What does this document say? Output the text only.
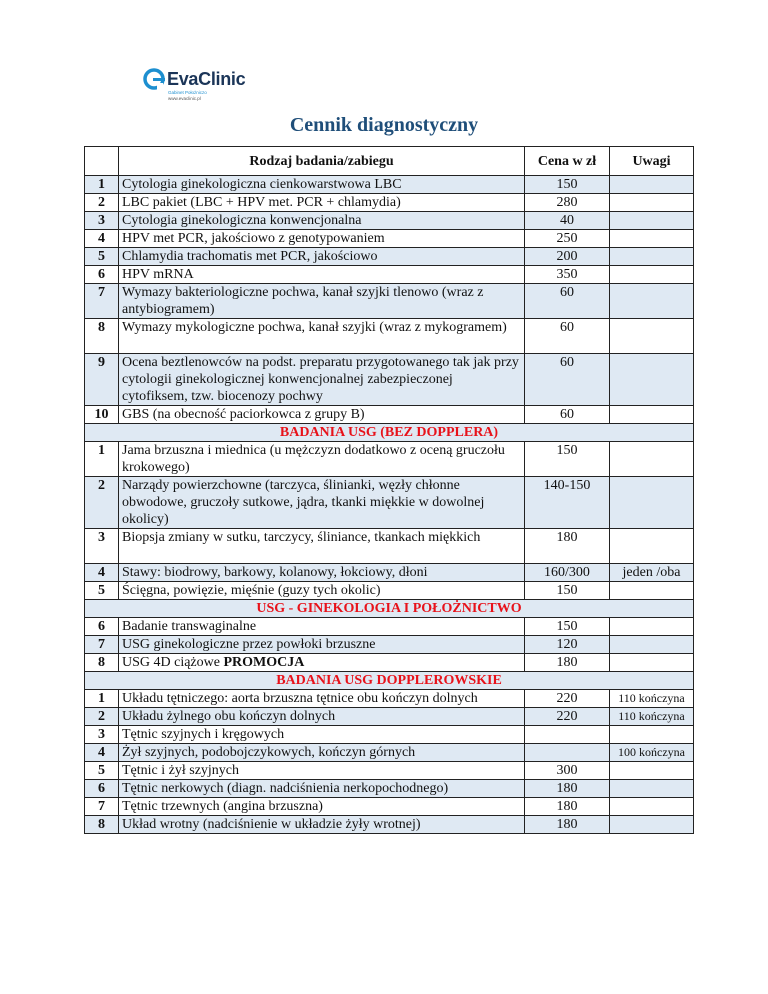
EvaClinic
Gabinet Położniczo
www.evaclinic.pl
Cennik diagnostyczny
	Rodzaj badania/zabiegu	Cena w zł	Uwagi
1	Cytologia ginekologiczna cienkowarstwowa LBC	150	
2	LBC pakiet (LBC + HPV met. PCR + chlamydia)	280	
3	Cytologia ginekologiczna konwencjonalna	40	
4	HPV met PCR, jakościowo z genotypowaniem	250	
5	Chlamydia trachomatis met PCR, jakościowo	200	
6	HPV mRNA	350	
7	Wymazy bakteriologiczne pochwa, kanał szyjki tlenowo (wraz z antybiogramem)	60	
8	Wymazy mykologiczne pochwa, kanał szyjki (wraz z mykogramem)	60	
9	Ocena beztlenowców na podst. preparatu przygotowanego tak jak przy cytologii ginekologicznej konwencjonalnej zabezpieczonej cytofiksem, tzw. biocenozy pochwy	60	
10	GBS (na obecność paciorkowca z grupy B)	60	
BADANIA USG (BEZ DOPPLERA)			
1	Jama brzuszna i miednica (u mężczyzn dodatkowo z oceną gruczołu krokowego)	150	
2	Narządy powierzchowne (tarczyca, ślinianki, węzły chłonne obwodowe, gruczoły sutkowe, jądra, tkanki miękkie w dowolnej okolicy)	140-150	
3	Biopsja zmiany w sutku, tarczycy, śliniance, tkankach miękkich	180	
4	Stawy: biodrowy, barkowy, kolanowy, łokciowy, dłoni	160/300	jeden /oba
5	Ścięgna, powięzie, mięśnie (guzy tych okolic)	150	
USG - GINEKOLOGIA I POŁOŻNICTWO			
6	Badanie transwaginalne	150	
7	USG ginekologiczne przez powłoki brzuszne	120	
8	USG 4D ciążowe PROMOCJA	180	
BADANIA USG DOPPLEROWSKIE			
1	Układu tętniczego: aorta brzuszna tętnice obu kończyn dolnych	220	110 kończyna
2	Układu żylnego obu kończyn dolnych	220	110 kończyna
3	Tętnic szyjnych i kręgowych		
4	Żył szyjnych, podobojczykowych, kończyn górnych		100 kończyna
5	Tętnic i żył szyjnych	300	
6	Tętnic nerkowych (diagn. nadciśnienia nerkopochodnego)	180	
7	Tętnic trzewnych (angina brzuszna)	180	
8	Układ wrotny (nadciśnienie w układzie żyły wrotnej)	180	
